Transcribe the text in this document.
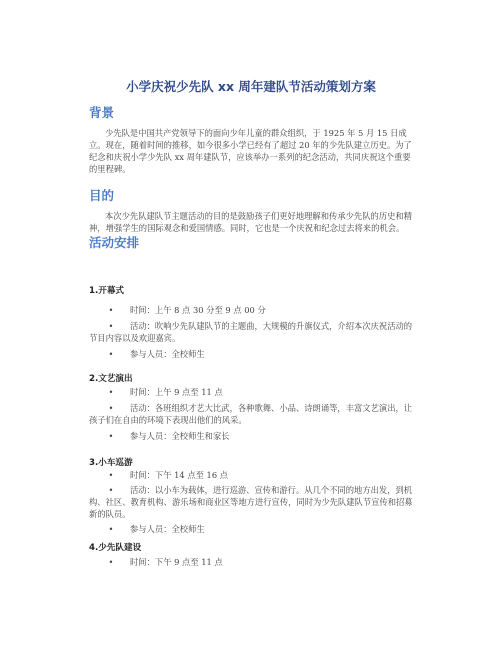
小学庆祝少先队 xx 周年建队节活动策划方案
背景
少先队是中国共产党领导下的面向少年儿童的群众组织，于 1925 年 5 月 15 日成立。现在，随着时间的推移，如今很多小学已经有了超过 20 年的少先队建立历史。为了纪念和庆祝小学少先队 xx 周年建队节，应该举办一系列的纪念活动，共同庆祝这个重要的里程碑。
目的
本次少先队建队节主题活动的目的是鼓励孩子们更好地理解和传承少先队的历史和精神，增强学生的国际观念和爱国情感。同时，它也是一个庆祝和纪念过去将来的机会。
活动安排
1.开幕式
•	时间：上午 8 点 30 分至 9 点 00 分
•	活动：吹响少先队建队节的主题曲，大规模的升旗仪式，介绍本次庆祝活动的节目内容以及欢迎嘉宾。
•	参与人员：全校师生
2.文艺演出
•	时间：上午 9 点至 11 点
•	活动：各班组织才艺大比武，各种歌舞、小品、诗朗诵等，丰富文艺演出，让孩子们在自由的环境下表现出他们的风采。
•	参与人员：全校师生和家长
3.小车巡游
•	时间：下午 14 点至 16 点
•	活动：以小车为载体，进行巡游、宣传和游行。从几个不同的地方出发，到机构、社区、教育机构、游乐场和商业区等地方进行宣传，同时为少先队建队节宣传和招募新的队员。
•	参与人员：全校师生
4.少先队建设
•	时间：下午 9 点至 11 点
